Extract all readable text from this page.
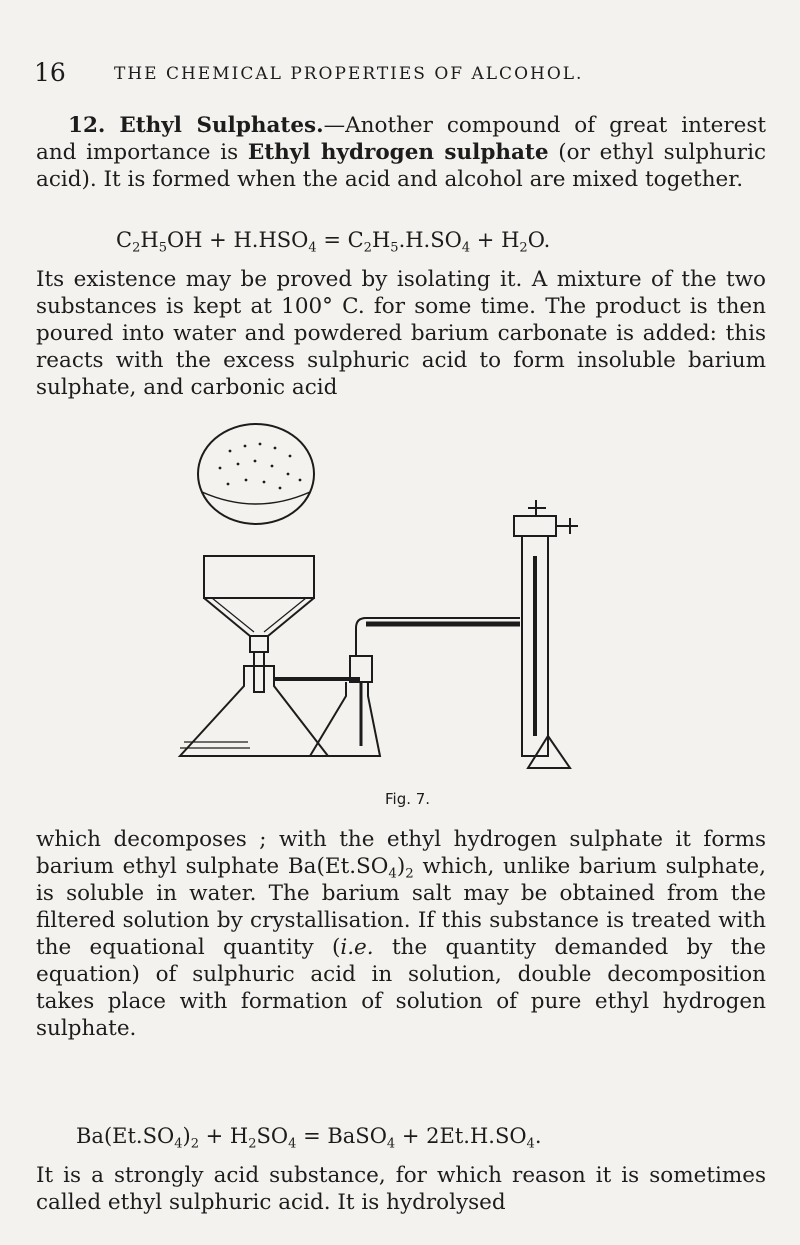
16	THE CHEMICAL PROPERTIES OF ALCOHOL.

12. Ethyl Sulphates.—Another compound of great interest and importance is Ethyl hydrogen sulphate (or ethyl sulphuric acid). It is formed when the acid and alcohol are mixed together.

$C_2H_5OH + H.HSO_4 = C_2H_5.H.SO_4 + H_2O$.

Its existence may be proved by isolating it. A mixture of the two substances is kept at 100° C. for some time. The product is then poured into water and powdered barium carbonate is added: this reacts with the excess sulphuric acid to form insoluble barium sulphate, and carbonic acid

Fig. 7.

which decomposes ; with the ethyl hydrogen sulphate it forms barium ethyl sulphate $Ba(Et.SO_4)_2$ which, unlike barium sulphate, is soluble in water. The barium salt may be obtained from the filtered solution by crystallisation. If this substance is treated with the equational quantity (i.e. the quantity demanded by the equation) of sulphuric acid in solution, double decomposition takes place with formation of solution of pure ethyl hydrogen sulphate.

$Ba(Et.SO_4)_2 + H_2SO_4$ = BaSO$_4$ + $2Et.H.SO_4$.

It is a strongly acid substance, for which reason it is sometimes called ethyl sulphuric acid. It is hydrolysed
